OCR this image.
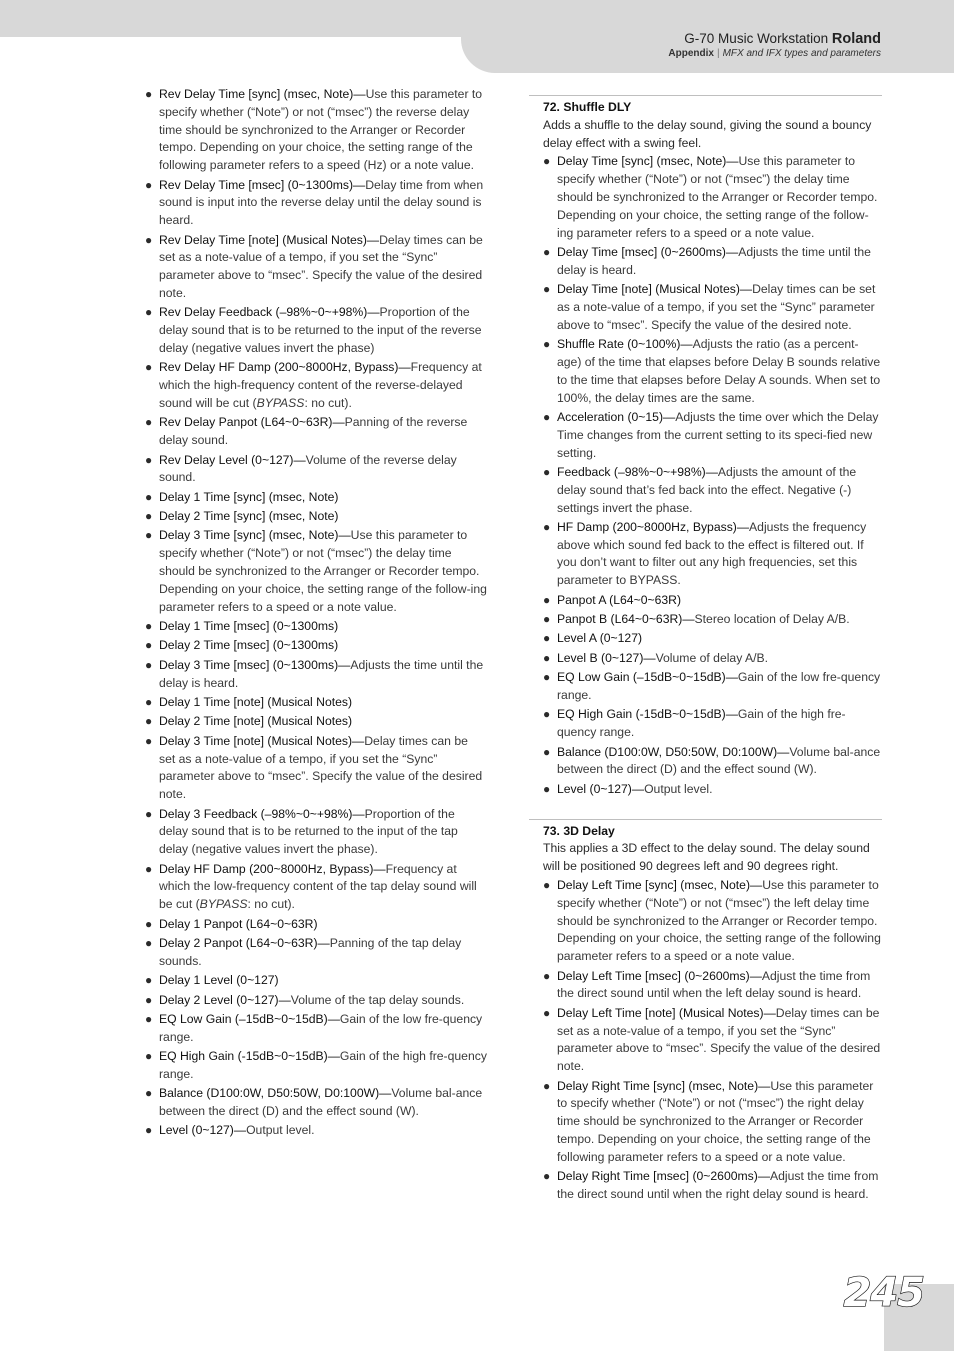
G-70 Music Workstation Roland
Appendix | MFX and IFX types and parameters
● Rev Delay Time [sync] (msec, Note)—Use this parameter to specify whether (“Note”) or not (“msec”) the reverse delay time should be synchronized to the Arranger or Recorder tempo. Depending on your choice, the setting range of the following parameter refers to a speed (Hz) or a note value.
● Rev Delay Time [msec] (0~1300ms)—Delay time from when sound is input into the reverse delay until the delay sound is heard.
● Rev Delay Time [note] (Musical Notes)—Delay times can be set as a note-value of a tempo, if you set the “Sync” parameter above to “msec”. Specify the value of the desired note.
● Rev Delay Feedback (–98%~0~+98%)—Proportion of the delay sound that is to be returned to the input of the reverse delay (negative values invert the phase)
● Rev Delay HF Damp (200~8000Hz, Bypass)—Frequency at which the high-frequency content of the reverse-delayed sound will be cut (BYPASS: no cut).
● Rev Delay Panpot (L64~0~63R)—Panning of the reverse delay sound.
● Rev Delay Level (0~127)—Volume of the reverse delay sound.
● Delay 1 Time [sync] (msec, Note)
● Delay 2 Time [sync] (msec, Note)
● Delay 3 Time [sync] (msec, Note)—Use this parameter to specify whether (“Note”) or not (“msec”) the delay time should be synchronized to the Arranger or Recorder tempo. Depending on your choice, the setting range of the follow-ing parameter refers to a speed or a note value.
● Delay 1 Time [msec] (0~1300ms)
● Delay 2 Time [msec] (0~1300ms)
● Delay 3 Time [msec] (0~1300ms)—Adjusts the time until the delay is heard.
● Delay 1 Time [note] (Musical Notes)
● Delay 2 Time [note] (Musical Notes)
● Delay 3 Time [note] (Musical Notes)—Delay times can be set as a note-value of a tempo, if you set the “Sync” parameter above to “msec”. Specify the value of the desired note.
● Delay 3 Feedback (–98%~0~+98%)—Proportion of the delay sound that is to be returned to the input of the tap delay (negative values invert the phase).
● Delay HF Damp (200~8000Hz, Bypass)—Frequency at which the low-frequency content of the tap delay sound will be cut (BYPASS: no cut).
● Delay 1 Panpot (L64~0~63R)
● Delay 2 Panpot (L64~0~63R)—Panning of the tap delay sounds.
● Delay 1 Level (0~127)
● Delay 2 Level (0~127)—Volume of the tap delay sounds.
● EQ Low Gain (–15dB~0~15dB)—Gain of the low fre-quency range.
● EQ High Gain (-15dB~0~15dB)—Gain of the high fre-quency range.
● Balance (D100:0W, D50:50W, D0:100W)—Volume bal-ance between the direct (D) and the effect sound (W).
● Level (0~127)—Output level.
72. Shuffle DLY
Adds a shuffle to the delay sound, giving the sound a bouncy delay effect with a swing feel.
● Delay Time [sync] (msec, Note)—Use this parameter to specify whether (“Note”) or not (“msec”) the delay time should be synchronized to the Arranger or Recorder tempo. Depending on your choice, the setting range of the follow-ing parameter refers to a speed or a note value.
● Delay Time [msec] (0~2600ms)—Adjusts the time until the delay is heard.
● Delay Time [note] (Musical Notes)—Delay times can be set as a note-value of a tempo, if you set the “Sync” parameter above to “msec”. Specify the value of the desired note.
● Shuffle Rate (0~100%)—Adjusts the ratio (as a percent-age) of the time that elapses before Delay B sounds relative to the time that elapses before Delay A sounds. When set to 100%, the delay times are the same.
● Acceleration (0~15)—Adjusts the time over which the Delay Time changes from the current setting to its speci-fied new setting.
● Feedback (–98%~0~+98%)—Adjusts the amount of the delay sound that’s fed back into the effect. Negative (-) settings invert the phase.
● HF Damp (200~8000Hz, Bypass)—Adjusts the frequency above which sound fed back to the effect is filtered out. If you don’t want to filter out any high frequencies, set this parameter to BYPASS.
● Panpot A (L64~0~63R)
● Panpot B (L64~0~63R)—Stereo location of Delay A/B.
● Level A (0~127)
● Level B (0~127)—Volume of delay A/B.
● EQ Low Gain (–15dB~0~15dB)—Gain of the low fre-quency range.
● EQ High Gain (-15dB~0~15dB)—Gain of the high fre-quency range.
● Balance (D100:0W, D50:50W, D0:100W)—Volume bal-ance between the direct (D) and the effect sound (W).
● Level (0~127)—Output level.
73. 3D Delay
This applies a 3D effect to the delay sound. The delay sound will be positioned 90 degrees left and 90 degrees right.
● Delay Left Time [sync] (msec, Note)—Use this parameter to specify whether (“Note”) or not (“msec”) the left delay time should be synchronized to the Arranger or Recorder tempo. Depending on your choice, the setting range of the following parameter refers to a speed or a note value.
● Delay Left Time [msec] (0~2600ms)—Adjust the time from the direct sound until when the left delay sound is heard.
● Delay Left Time [note] (Musical Notes)—Delay times can be set as a note-value of a tempo, if you set the “Sync” parameter above to “msec”. Specify the value of the desired note.
● Delay Right Time [sync] (msec, Note)—Use this parameter to specify whether (“Note”) or not (“msec”) the right delay time should be synchronized to the Arranger or Recorder tempo. Depending on your choice, the setting range of the following parameter refers to a speed or a note value.
● Delay Right Time [msec] (0~2600ms)—Adjust the time from the direct sound until when the right delay sound is heard.
245
